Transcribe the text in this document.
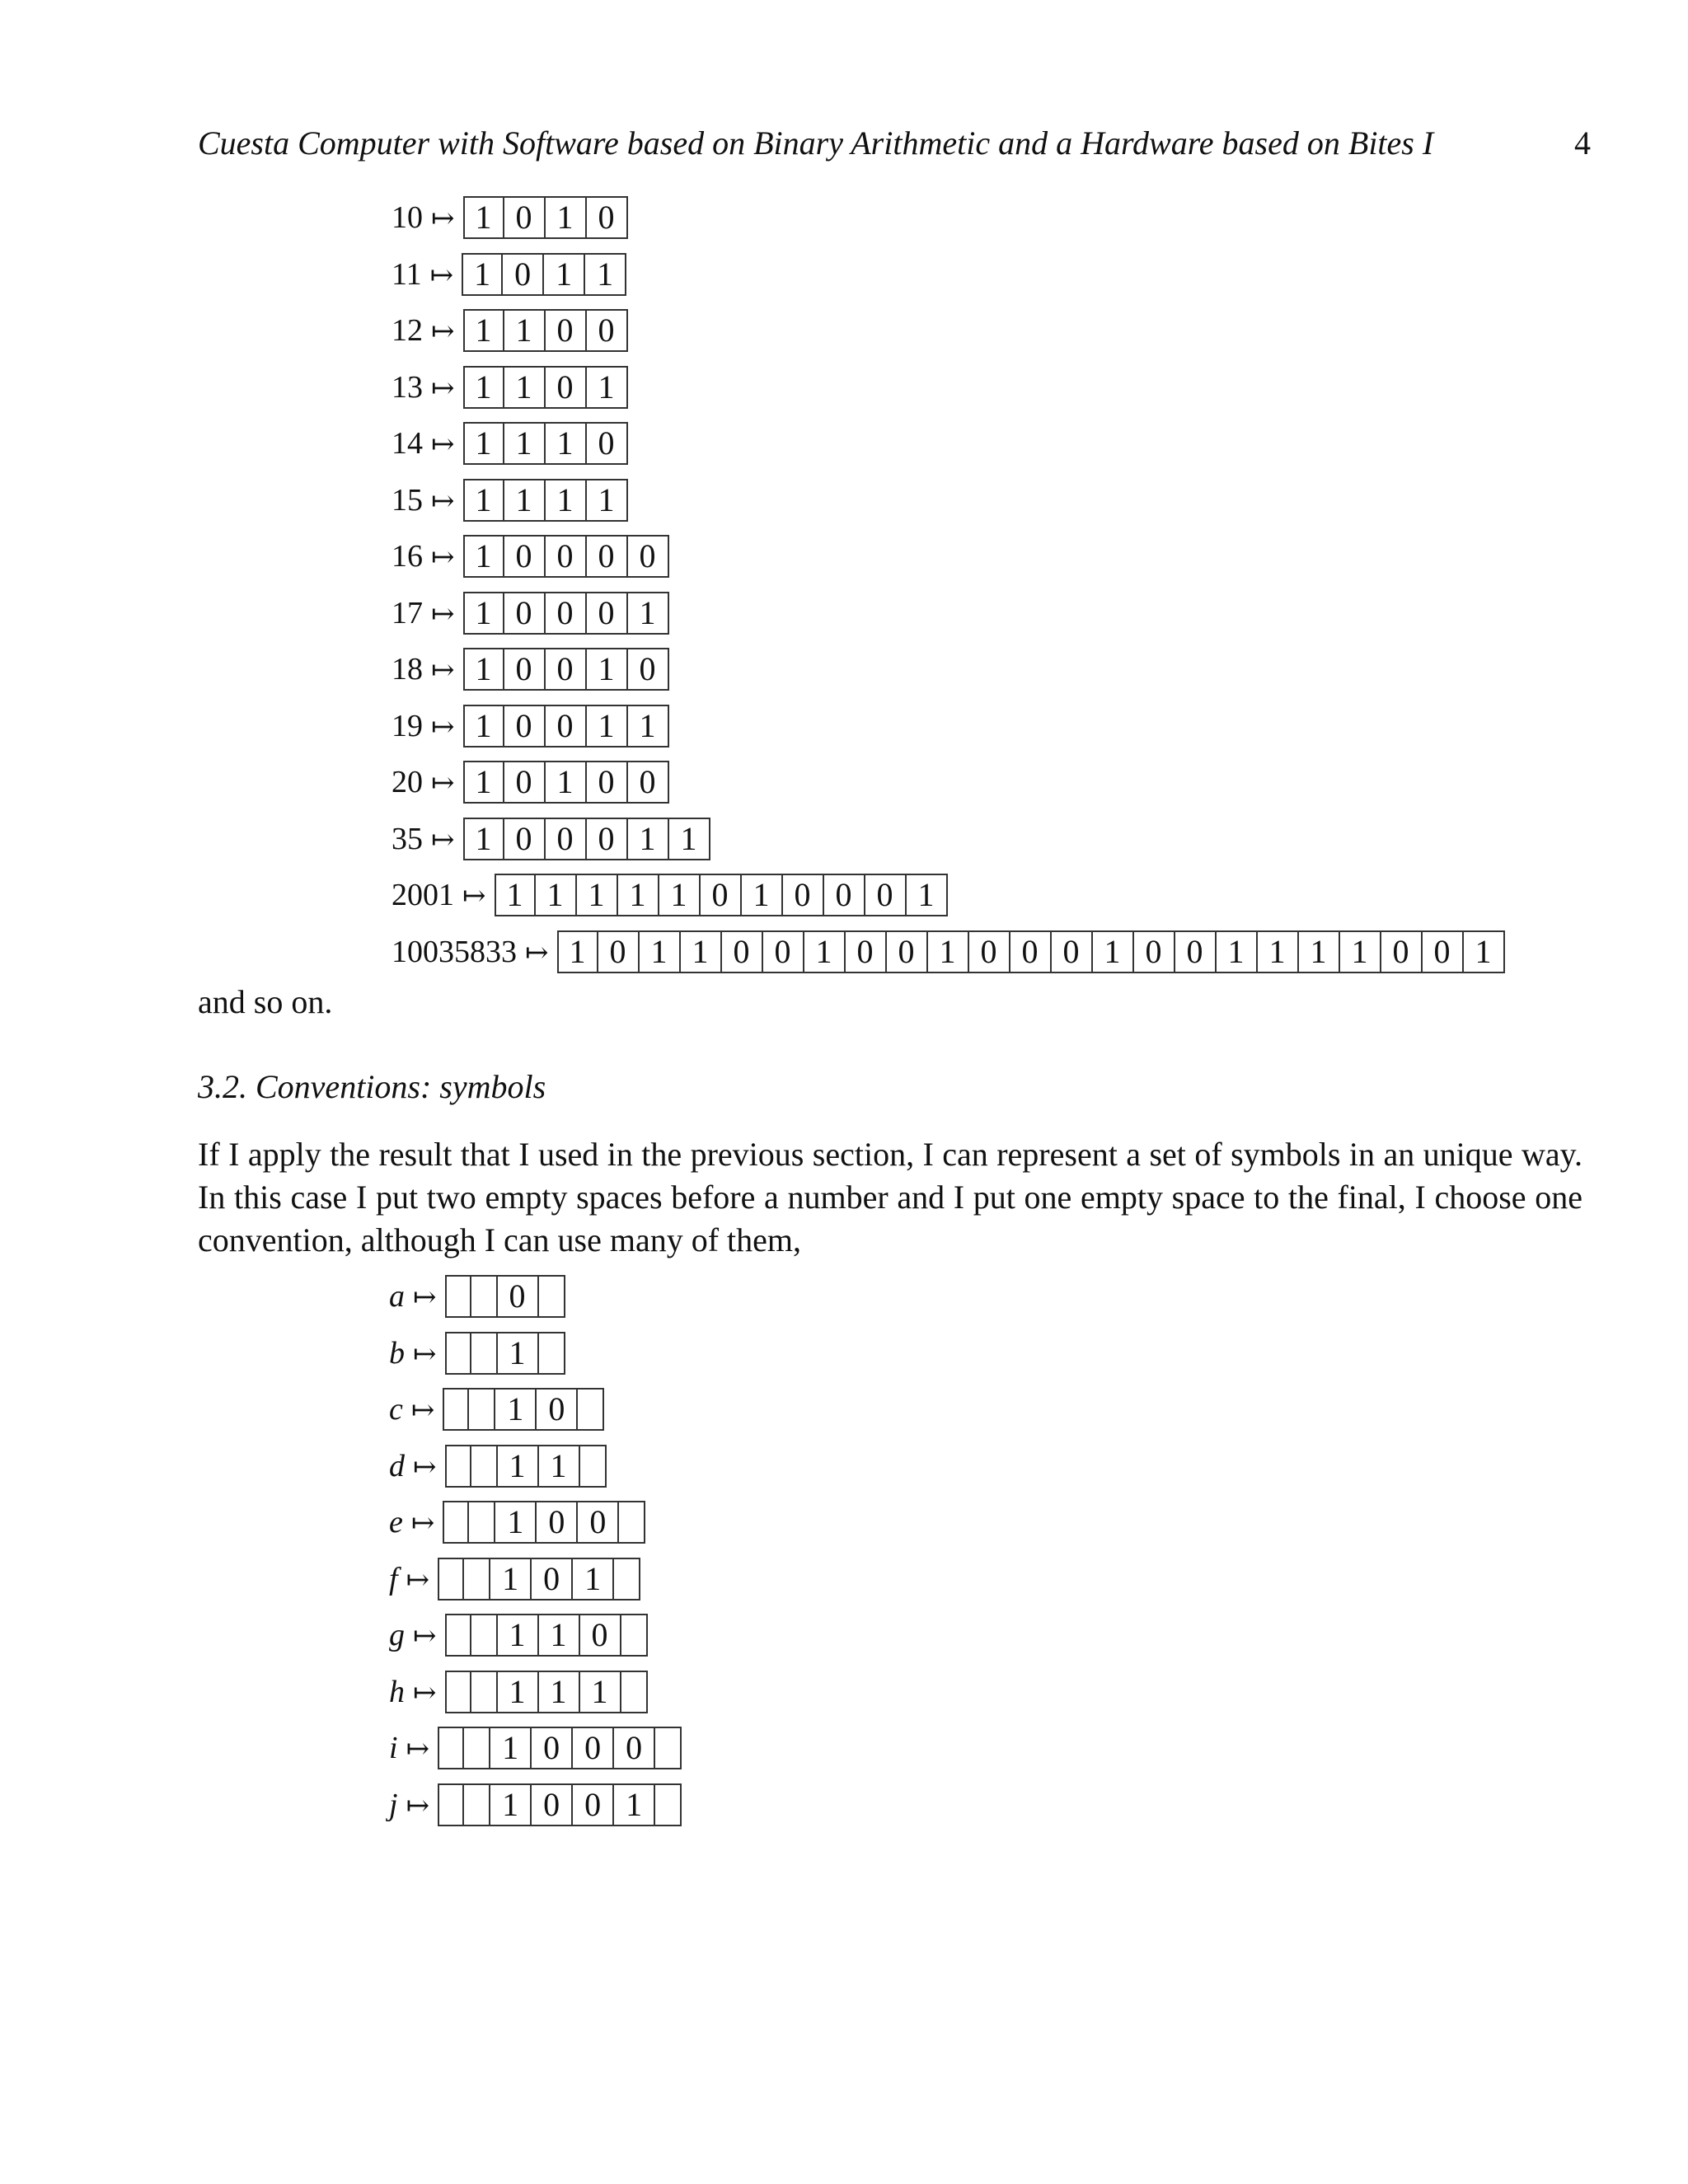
Cuesta Computer with Software based on Binary Arithmetic and a Hardware based on Bites I	4
10 ↦ 1 0 1 0
11 ↦ 1 0 1 1
12 ↦ 1 1 0 0
13 ↦ 1 1 0 1
14 ↦ 1 1 1 0
15 ↦ 1 1 1 1
16 ↦ 1 0 0 0 0
17 ↦ 1 0 0 0 1
18 ↦ 1 0 0 1 0
19 ↦ 1 0 0 1 1
20 ↦ 1 0 1 0 0
35 ↦ 1 0 0 0 1 1
2001 ↦ 1 1 1 1 1 0 1 0 0 0 1
10035833 ↦ 1 0 1 1 0 0 1 0 0 1 0 0 0 1 0 0 1 1 1 1 0 0 1
and so on.
3.2. Conventions: symbols
If I apply the result that I used in the previous section, I can represent a set of symbols in an unique way. In this case I put two empty spaces before a number and I put one empty space to the final, I choose one convention, although I can use many of them,
a ↦	0
b ↦	1
c ↦	1 0
d ↦	1 1
e ↦	1 0 0
f ↦	1 0 1
g ↦	1 1 0
h ↦	1 1 1
i ↦	1 0 0 0
j ↦	1 0 0 1
